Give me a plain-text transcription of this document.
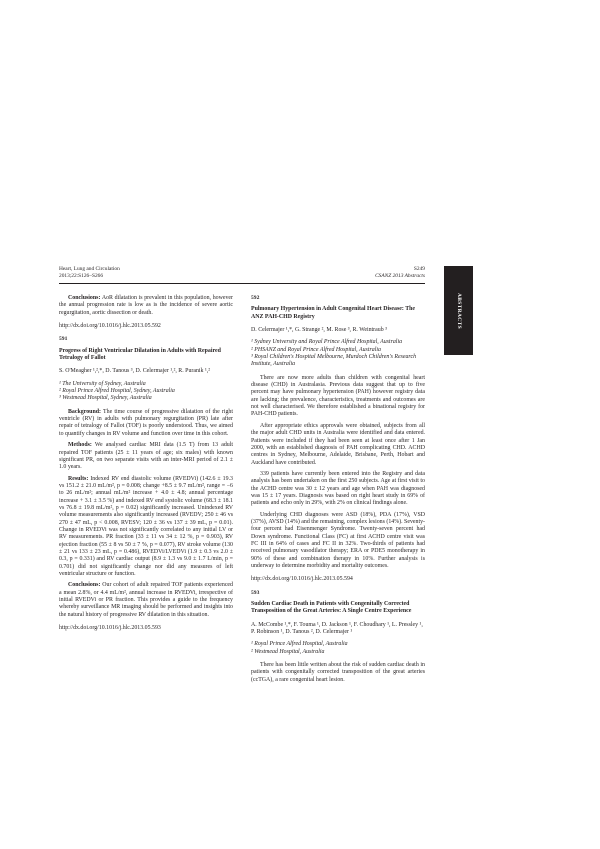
Heart, Lung and Circulation
2013;22:S126–S266
S249
CSANZ 2013 Abstracts
ABSTRACTS

Conclusions: AoR dilatation is prevalent in this population, however the annual progression rate is low as is the incidence of severe aortic regurgitation, aortic dissection or death.

http://dx.doi.org/10.1016/j.hlc.2013.05.592
591
Progress of Right Ventricular Dilatation in Adults with Repaired Tetralogy of Fallot
S. O'Meagher ¹,²,*, D. Tanous ³, D. Celermajer ¹,², R. Puranik ¹,²
¹ The University of Sydney, Australia
² Royal Prince Alfred Hospital, Sydney, Australia
³ Westmead Hospital, Sydney, Australia

Background: The time course of progressive dilatation of the right ventricle (RV) in adults with pulmonary regurgitation (PR) late after repair of tetralogy of Fallot (TOF) is poorly understood. Thus, we aimed to quantify changes in RV volume and function over time in this cohort.

Methods: We analysed cardiac MRI data (1.5 T) from 13 adult repaired TOF patients (25 ± 11 years of age; six males) with known significant PR, on two separate visits with an inter-MRI period of 2.1 ± 1.0 years.

Results: Indexed RV end diastolic volume (RVEDVi) (142.6 ± 19.3 vs 151.2 ± 21.0 mL/m², p = 0.008; change +8.5 ± 9.7 mL/m², range = −6 to 26 mL/m²; annual mL/m² increase + 4.0 ± 4.8; annual percentage increase + 3.1 ± 3.5 %) and indexed RV end systolic volume (68.3 ± 18.1 vs 76.8 ± 19.8 mL/m², p = 0.02) significantly increased. Unindexed RV volume measurements also significantly increased (RVEDV; 250 ± 46 vs 270 ± 47 mL, p < 0.008, RVESV; 120 ± 36 vs 137 ± 39 mL, p = 0.01). Change in RVEDVi was not significantly correlated to any initial LV or RV measurements. PR fraction (33 ± 11 vs 34 ± 12 %, p = 0.903), RV ejection fraction (55 ± 8 vs 50 ± 7 %, p = 0.077), RV stroke volume (130 ± 21 vs 133 ± 23 mL, p = 0.486), RVEDVi/LVEDVi (1.9 ± 0.3 vs 2.0 ± 0.3, p = 0.331) and RV cardiac output (8.9 ± 1.3 vs 9.0 ± 1.7 L/min, p = 0.701) did not significantly change nor did any measures of left ventricular structure or function.

Conclusions: Our cohort of adult repaired TOF patients experienced a mean 2.8%, or 4.4 mL/m², annual increase in RVEDVi, irrespective of initial RVEDVi or PR fraction. This provides a guide to the frequency whereby surveillance MR imaging should be performed and insights into the natural history of progressive RV dilatation in this situation.

http://dx.doi.org/10.1016/j.hlc.2013.05.593
592
Pulmonary Hypertension in Adult Congenital Heart Disease: The ANZ PAH-CHD Registry
D. Celermajer ¹,*, G. Strange ², M. Rose ³, R. Weintraub ³
¹ Sydney University and Royal Prince Alfred Hospital, Australia
² PHSANZ and Royal Prince Alfred Hospital, Australia
³ Royal Children's Hospital Melbourne, Murdoch Children's Research Institute, Australia

There are now more adults than children with congenital heart disease (CHD) in Australasia. Previous data suggest that up to five percent may have pulmonary hypertension (PAH) however registry data are lacking; the prevalence, characteristics, treatments and outcomes are not well characterised. We therefore established a binational registry for PAH-CHD patients.

After appropriate ethics approvals were obtained, subjects from all the major adult CHD units in Australia were identified and data entered. Patients were included if they had been seen at least once after 1 Jan 2000, with an established diagnosis of PAH complicating CHD. ACHD centres in Sydney, Melbourne, Adelaide, Brisbane, Perth, Hobart and Auckland have contributed.

339 patients have currently been entered into the Registry and data analysis has been undertaken on the first 250 subjects. Age at first visit to the ACHD centre was 30 ± 12 years and age when PAH was diagnosed was 15 ± 17 years. Diagnosis was based on right heart study in 69% of patients and echo only in 29%, with 2% on clinical findings alone.

Underlying CHD diagnoses were ASD (18%), PDA (17%), VSD (37%), AVSD (14%) and the remaining, complex lesions (14%). Seventy-four percent had Eisenmenger Syndrome. Twenty-seven percent had Down syndrome. Functional Class (FC) at first ACHD centre visit was FC III in 64% of cases and FC II in 32%. Two-thirds of patients had received pulmonary vasodilator therapy; ERA or PDE5 monotherapy in 90% of these and combination therapy in 10%. Further analysis is underway to determine morbidity and mortality outcomes.

http://dx.doi.org/10.1016/j.hlc.2013.05.594
593
Sudden Cardiac Death in Patients with Congenitally Corrected Transposition of the Great Arteries: A Single Centre Experience
A. McCombe ¹,*, F. Touma ¹, D. Jackson ¹, F. Choudhary ¹, L. Pressley ¹, P. Robinson ¹, D. Tanous ², D. Celermajer ¹
¹ Royal Prince Alfred Hospital, Australia
² Westmead Hospital, Australia

There has been little written about the risk of sudden cardiac death in patients with congenitally corrected transposition of the great arteries (ccTGA), a rare congenital heart lesion.
